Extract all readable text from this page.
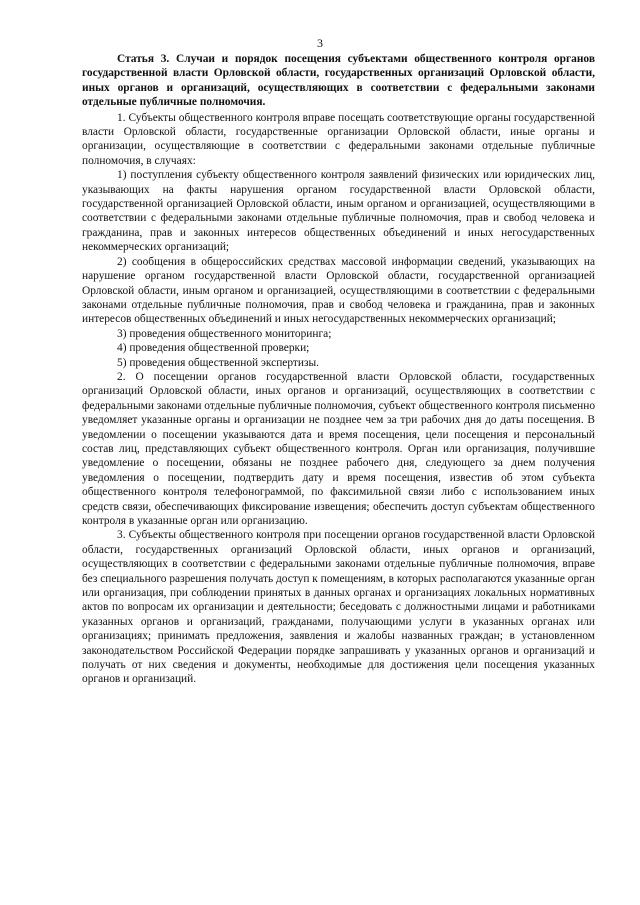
3

Статья 3. Случаи и порядок посещения субъектами общественного контроля органов государственной власти Орловской области, государственных организаций Орловской области, иных органов и организаций, осуществляющих в соответствии с федеральными законами отдельные публичные полномочия.

1. Субъекты общественного контроля вправе посещать соответствующие органы государственной власти Орловской области, государственные организации Орловской области, иные органы и организации, осуществляющие в соответствии с федеральными законами отдельные публичные полномочия, в случаях:

1) поступления субъекту общественного контроля заявлений физических или юридических лиц, указывающих на факты нарушения органом государственной власти Орловской области, государственной организацией Орловской области, иным органом и организацией, осуществляющими в соответствии с федеральными законами отдельные публичные полномочия, прав и свобод человека и гражданина, прав и законных интересов общественных объединений и иных негосударственных некоммерческих организаций;

2) сообщения в общероссийских средствах массовой информации сведений, указывающих на нарушение органом государственной власти Орловской области, государственной организацией Орловской области, иным органом и организацией, осуществляющими в соответствии с федеральными законами отдельные публичные полномочия, прав и свобод человека и гражданина, прав и законных интересов общественных объединений и иных негосударственных некоммерческих организаций;

3) проведения общественного мониторинга;

4) проведения общественной проверки;

5) проведения общественной экспертизы.

2. О посещении органов государственной власти Орловской области, государственных организаций Орловской области, иных органов и организаций, осуществляющих в соответствии с федеральными законами отдельные публичные полномочия, субъект общественного контроля письменно уведомляет указанные органы и организации не позднее чем за три рабочих дня до даты посещения. В уведомлении о посещении указываются дата и время посещения, цели посещения и персональный состав лиц, представляющих субъект общественного контроля. Орган или организация, получившие уведомление о посещении, обязаны не позднее рабочего дня, следующего за днем получения уведомления о посещении, подтвердить дату и время посещения, известив об этом субъекта общественного контроля телефонограммой, по факсимильной связи либо с использованием иных средств связи, обеспечивающих фиксирование извещения; обеспечить доступ субъектам общественного контроля в указанные орган или организацию.

3. Субъекты общественного контроля при посещении органов государственной власти Орловской области, государственных организаций Орловской области, иных органов и организаций, осуществляющих в соответствии с федеральными законами отдельные публичные полномочия, вправе без специального разрешения получать доступ к помещениям, в которых располагаются указанные орган или организация, при соблюдении принятых в данных органах и организациях локальных нормативных актов по вопросам их организации и деятельности; беседовать с должностными лицами и работниками указанных органов и организаций, гражданами, получающими услуги в указанных органах или организациях; принимать предложения, заявления и жалобы названных граждан; в установленном законодательством Российской Федерации порядке запрашивать у указанных органов и организаций и получать от них сведения и документы, необходимые для достижения цели посещения указанных органов и организаций.
